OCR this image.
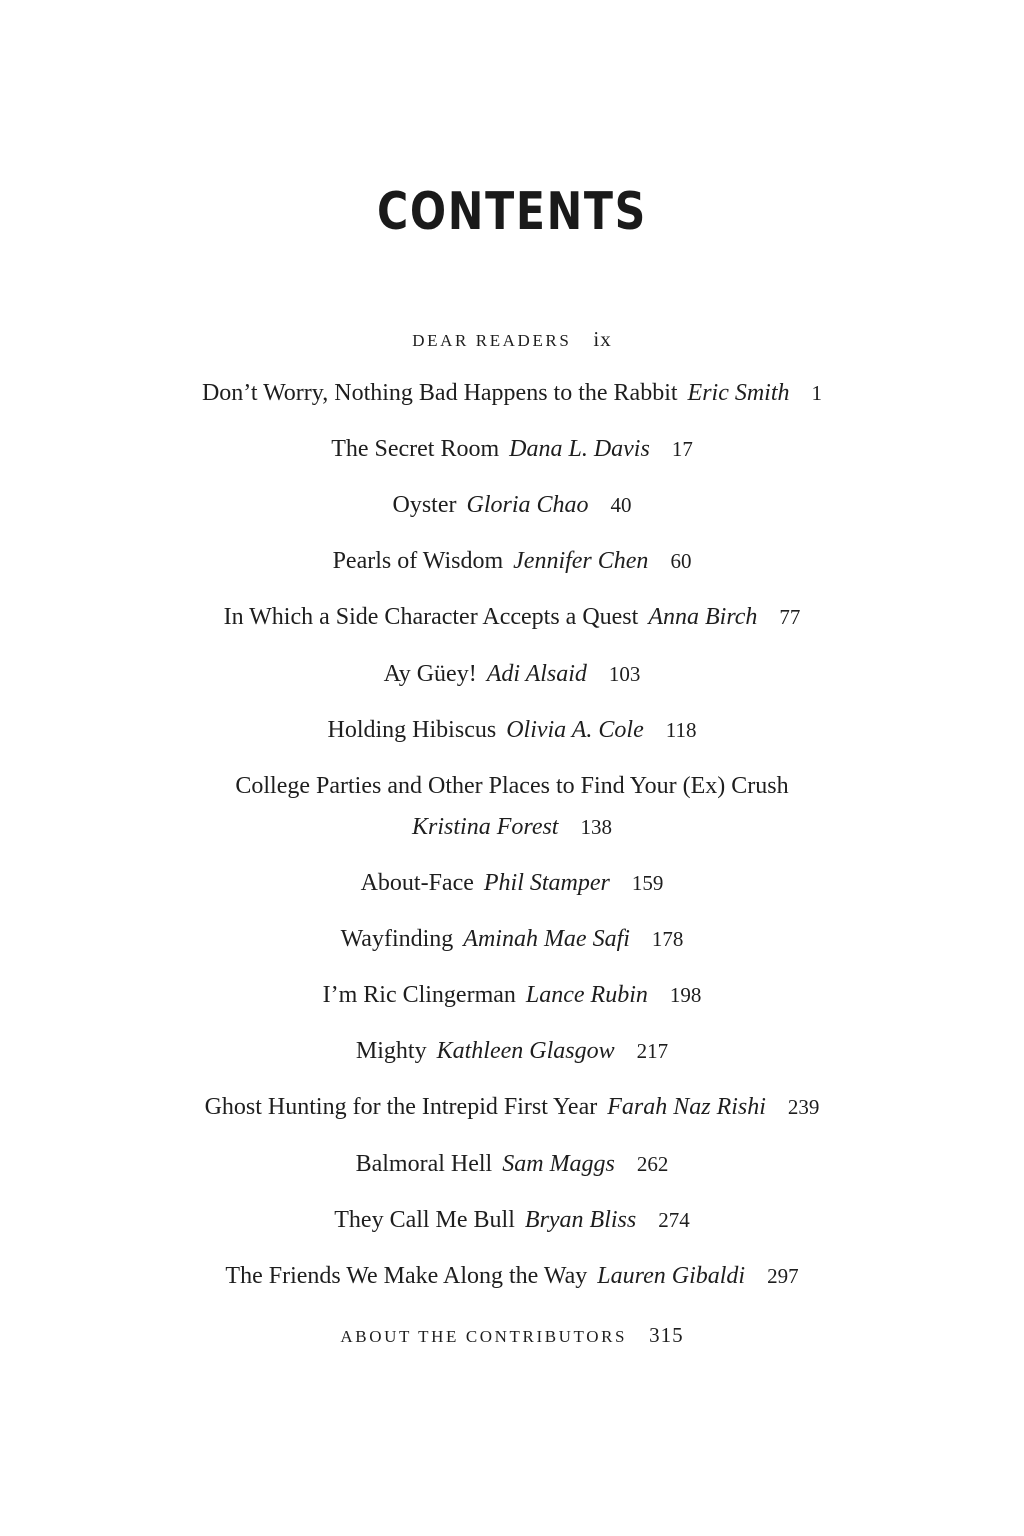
CONTENTS
DEAR READERS ix
Don’t Worry, Nothing Bad Happens to the Rabbit Eric Smith 1
The Secret Room Dana L. Davis 17
Oyster Gloria Chao 40
Pearls of Wisdom Jennifer Chen 60
In Which a Side Character Accepts a Quest Anna Birch 77
Ay Güey! Adi Alsaid 103
Holding Hibiscus Olivia A. Cole 118
College Parties and Other Places to Find Your (Ex) Crush
Kristina Forest 138
About-Face Phil Stamper 159
Wayfinding Aminah Mae Safi 178
I’m Ric Clingerman Lance Rubin 198
Mighty Kathleen Glasgow 217
Ghost Hunting for the Intrepid First Year Farah Naz Rishi 239
Balmoral Hell Sam Maggs 262
They Call Me Bull Bryan Bliss 274
The Friends We Make Along the Way Lauren Gibaldi 297
ABOUT THE CONTRIBUTORS 315
